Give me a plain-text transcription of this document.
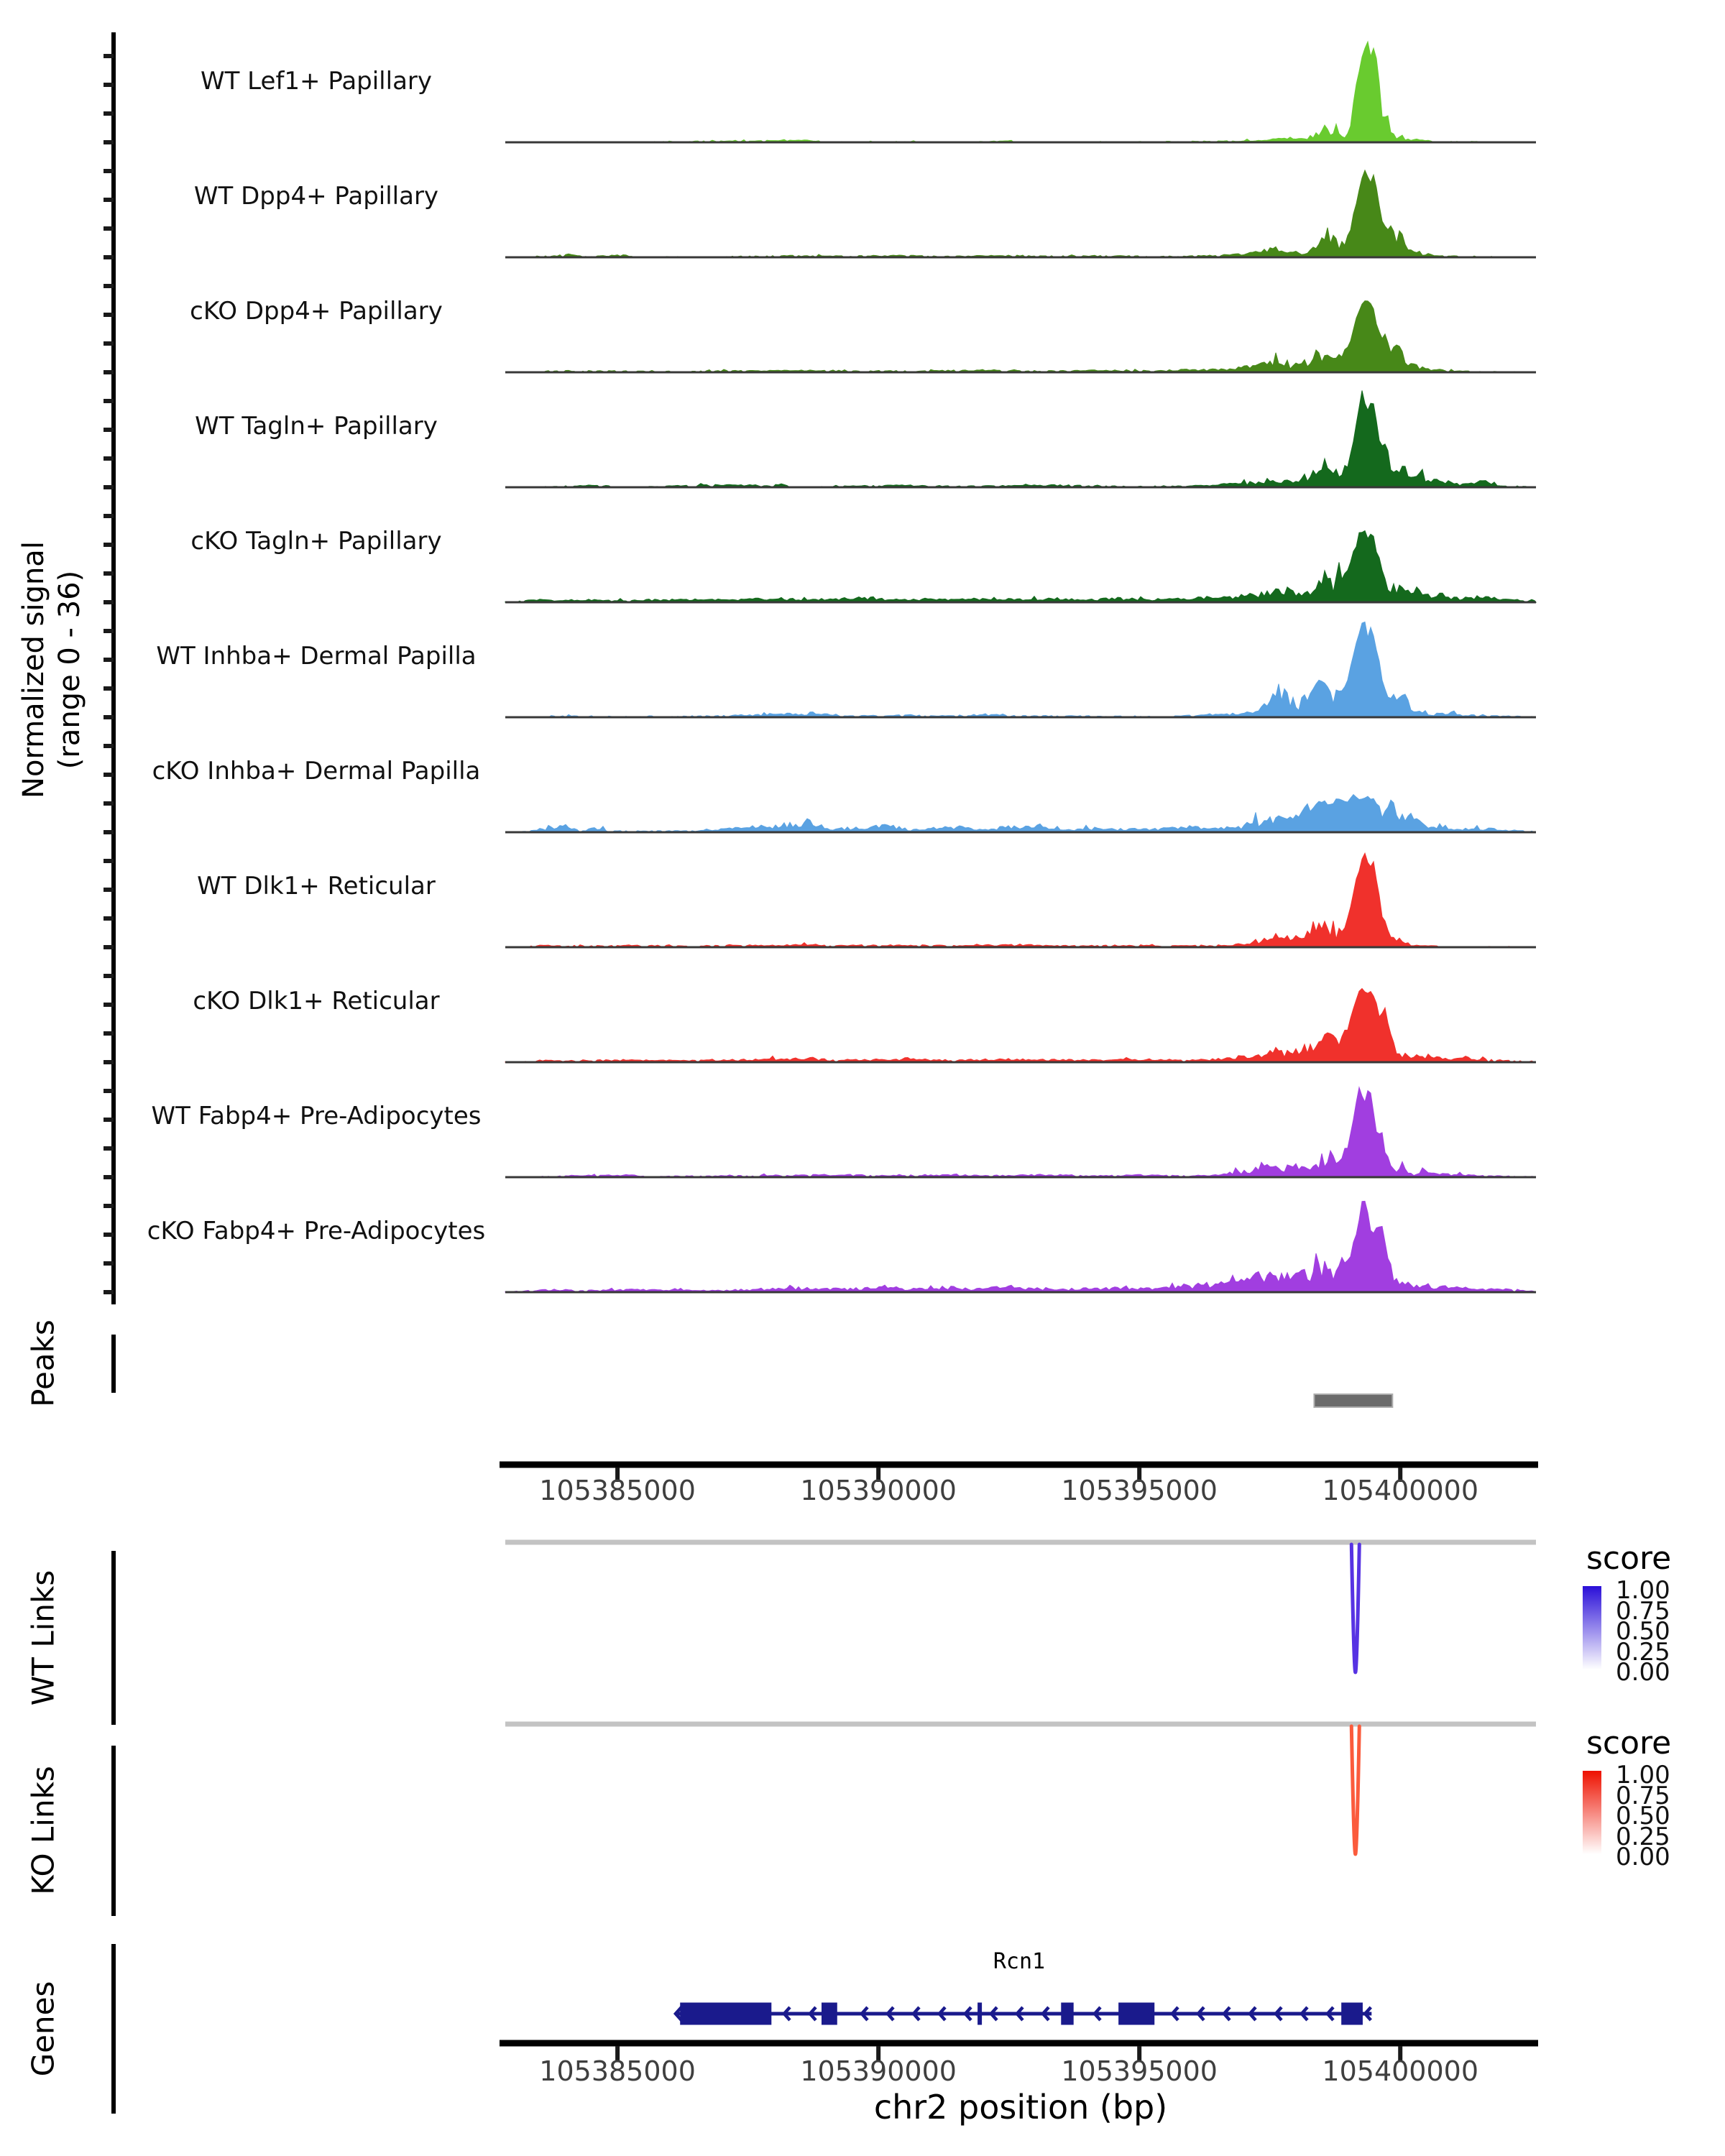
Normalized signal (range 0 - 36)
Peaks
WT Links
KO Links
Genes
WT Lef1+ Papillary
WT Dpp4+ Papillary
cKO Dpp4+ Papillary
WT Tagln+ Papillary
cKO Tagln+ Papillary
WT Inhba+ Dermal Papilla
cKO Inhba+ Dermal Papilla
WT Dlk1+ Reticular
cKO Dlk1+ Reticular
WT Fabp4+ Pre-Adipocytes
cKO Fabp4+ Pre-Adipocytes
105385000	105390000	105395000	105400000
105385000	105390000	105395000	105400000
score
1.00
0.75
0.50
0.25
0.00
score
1.00
0.75
0.50
0.25
0.00
Rcn1
chr2 position (bp)
